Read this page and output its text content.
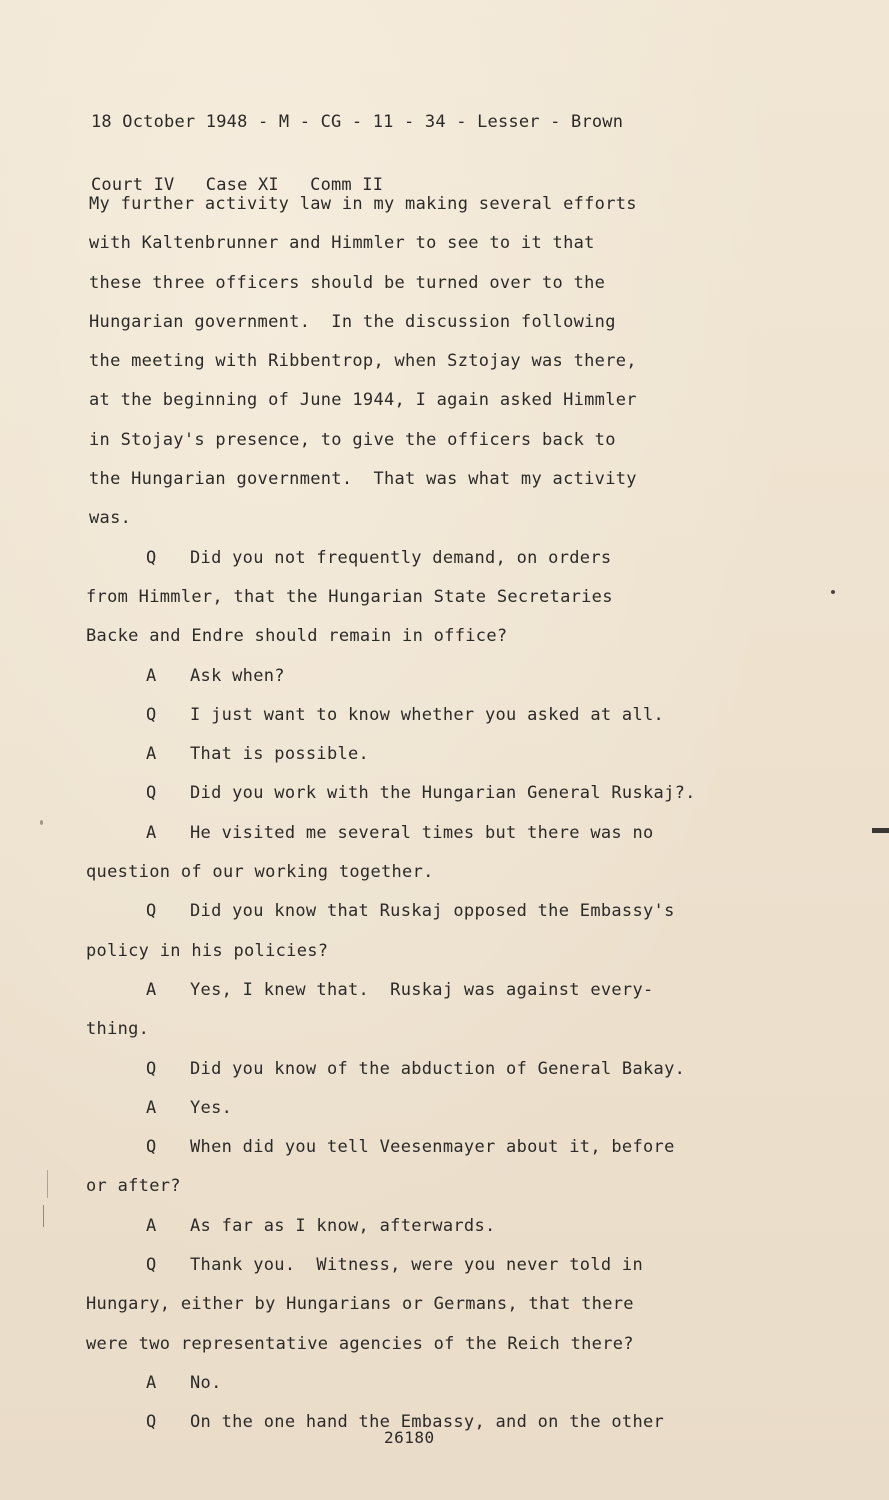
18 October 1948 - M - CG - 11 - 34 - Lesser - Brown

Court IV   Case XI   Comm II

My further activity law in my making several efforts
with Kaltenbrunner and Himmler to see to it that
these three officers should be turned over to the
Hungarian government.  In the discussion following
the meeting with Ribbentrop, when Sztojay was there,
at the beginning of June 1944, I again asked Himmler
in Stojay's presence, to give the officers back to
the Hungarian government.  That was what my activity
was.
Q	Did you not frequently demand, on orders
from Himmler, that the Hungarian State Secretaries
Backe and Endre should remain in office?
A	Ask when?
Q	I just want to know whether you asked at all.
A	That is possible.
Q	Did you work with the Hungarian General Ruskaj?.
A	He visited me several times but there was no
question of our working together.
Q	Did you know that Ruskaj opposed the Embassy's
policy in his policies?
A	Yes, I knew that.  Ruskaj was against every-
thing.
Q	Did you know of the abduction of General Bakay.
A	Yes.
Q	When did you tell Veesenmayer about it, before
or after?
A	As far as I know, afterwards.
Q	Thank you.  Witness, were you never told in
Hungary, either by Hungarians or Germans, that there
were two representative agencies of the Reich there?
A	No.
Q	On the one hand the Embassy, and on the other
26180
